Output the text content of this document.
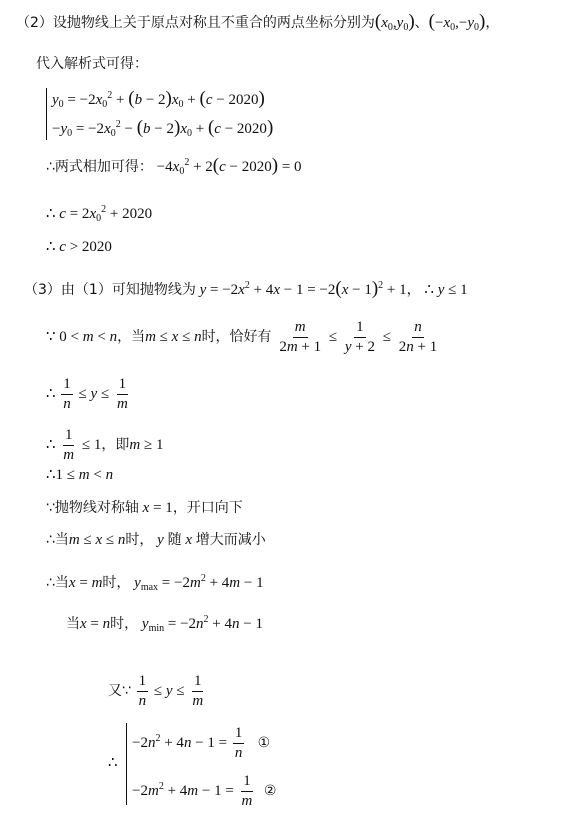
（2）设抛物线上关于原点对称且不重合的两点坐标分别为$(x_0,y_0)$、$(-x_0,-y_0)$，
代入解析式可得：
$y_0 = -2x_0^2 + (b - 2)x_0 + (c - 2020)$
$-y_0 = -2x_0^2 - (b - 2)x_0 + (c - 2020)$
∴两式相加可得： $-4x_0^2 + 2(c - 2020) = 0$
∴ $c = 2x_0^2 + 2020$
∴ c > 2020
（3）由（1）可知抛物线为 $y = -2x^2 + 4x - 1 = -2(x - 1)^2 + 1$， ∴ y ≤ 1
∵ 0 < m < n，当m ≤ x ≤ n时，恰好有 $\frac{m}{2m + 1} \le \frac{1}{y + 2} \le \frac{n}{2n + 1}$
∴ $\frac{1}{n} \le y \le \frac{1}{m}$
∴ $\frac{1}{m} \le 1$，即m ≥ 1
∴1 ≤ m < n
∵抛物线对称轴 x = 1，开口向下
∴当m ≤ x ≤ n时， y 随 x 增大而减小
∴当x = m时， $y_{max} = -2m^2 + 4m - 1$
当x = n时， $y_{min} = -2n^2 + 4n - 1$
又∵ $\frac{1}{n} \le y \le \frac{1}{m}$
∴
$-2n^2 + 4n - 1 = \frac{1}{n}$ ①
$-2m^2 + 4m - 1 = \frac{1}{m}$ ②
